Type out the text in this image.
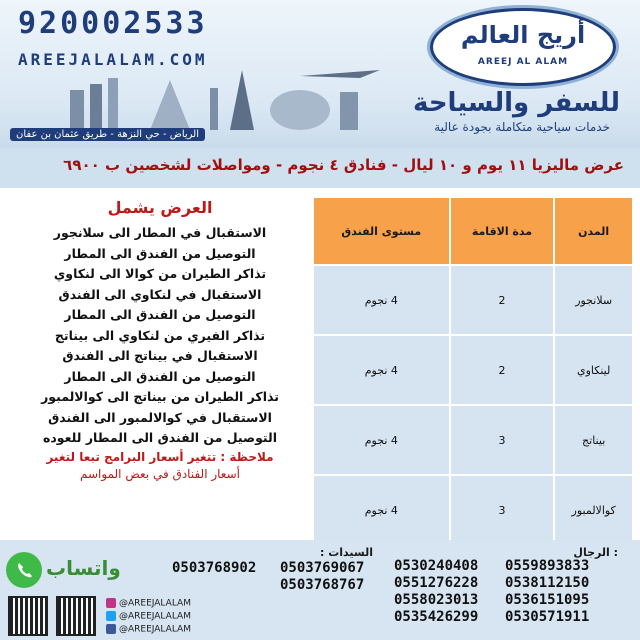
920002533
AREEJALALAM.COM
أريج العالم
AREEJ AL ALAM
للسفر والسياحة
خدمات سياحية متكاملة بجودة عالية
الرياض - حي النزهة - طريق عثمان بن عفان
عرض ماليزيا ١١ يوم و ١٠ ليال - فنادق ٤ نجوم - ومواصلات لشخصين ب ٦٩٠٠
العرض يشمل
الاستقبال في المطار الى سلانجور
التوصيل من الفندق الى المطار
تذاكر الطيران من كوالا الى لنكاوي
الاستقبال في لنكاوي الى الفندق
التوصيل من الفندق الى المطار
تذاكر الفيري من لنكاوي الى بيناتج
الاستقبال في بيناتج الى الفندق
التوصيل من الفندق الى المطار
تذاكر الطيران من بيناتج الى كوالالمبور
الاستقبال في كوالالمبور الى الفندق
التوصيل من الفندق الى المطار للعوده
ملاحظة : تتغير أسعار البرامج تبعا لتغير
أسعار الفنادق في بعض المواسم
المدن	مدة الاقامة	مستوى الفندق
سلانجور	2	4 نجوم
لينكاوي	2	4 نجوم
بيناتج	3	4 نجوم
كوالالمبور	3	4 نجوم
الرجال :
0559893833
0538112150
0536151095
0530571911
0530240408
0551276228
0558023013
0535426299
: السيدات
0503769067
0503768767
0503768902
واتساب
@AREEJALALAM
@AREEJALALAM
@AREEJALALAM
